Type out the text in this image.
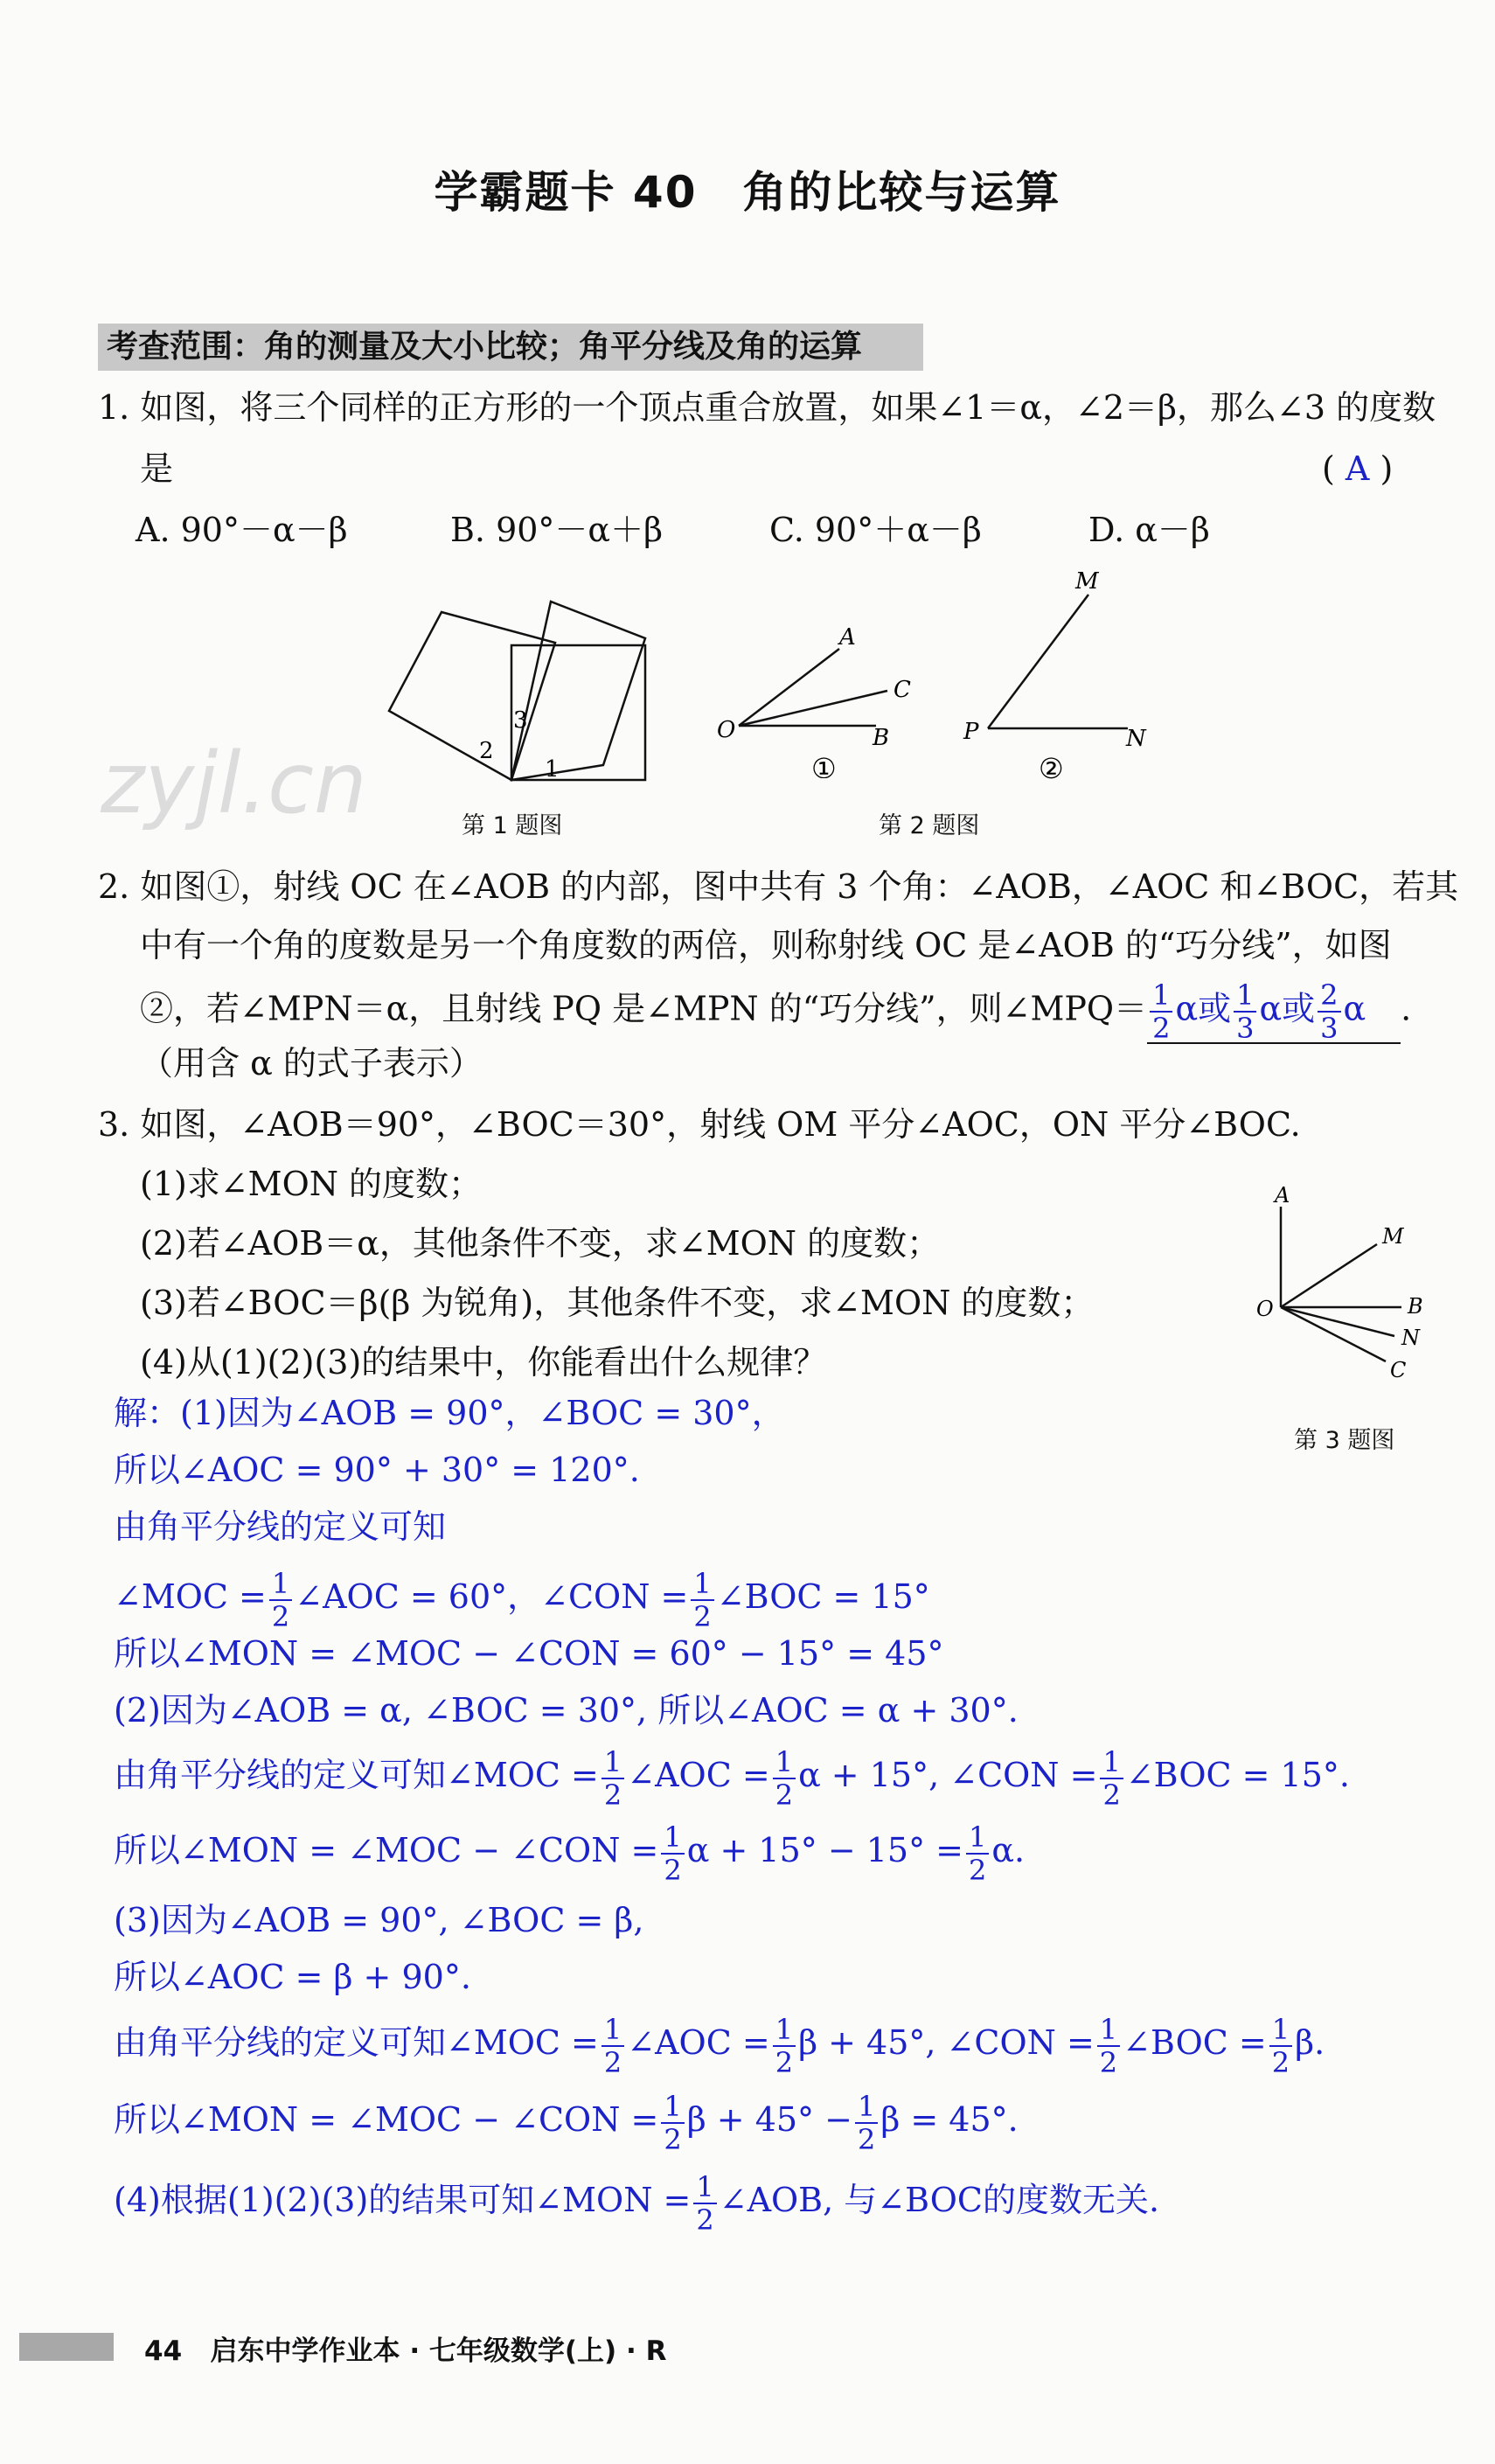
学霸题卡 40　角的比较与运算
考查范围：角的测量及大小比较；角平分线及角的运算
1. 如图，将三个同样的正方形的一个顶点重合放置，如果∠1＝α，∠2＝β，那么∠3 的度数
是	( A )
A. 90°－α－β	B. 90°－α＋β	C. 90°＋α－β	D. α－β
2
3
1
第 1 题图
A
C
O	B
①
M
P	N
②
第 2 题图
zyjl.cn
2. 如图①，射线 OC 在∠AOB 的内部，图中共有 3 个角：∠AOB，∠AOC 和∠BOC，若其
中有一个角的度数是另一个角度数的两倍，则称射线 OC 是∠AOB 的“巧分线”，如图
②，若∠MPN＝α，且射线 PQ 是∠MPN 的“巧分线”，则∠MPQ＝ $\frac{1}{2}$ α或 $\frac{1}{3}$ α或 $\frac{2}{3}$ α .
（用含 α 的式子表示）
3. 如图，∠AOB＝90°，∠BOC＝30°，射线 OM 平分∠AOC，ON 平分∠BOC.
(1)求∠MON 的度数；
(2)若∠AOB＝α，其他条件不变，求∠MON 的度数；
(3)若∠BOC＝β(β 为锐角)，其他条件不变，求∠MON 的度数；
(4)从(1)(2)(3)的结果中，你能看出什么规律？
A
M
O	B
N
C
第 3 题图
解：(1)因为∠AOB = 90°，∠BOC = 30°，
所以∠AOC = 90° + 30° = 120°.
由角平分线的定义可知
∠MOC = $\frac{1}{2}$ ∠AOC = 60°，∠CON = $\frac{1}{2}$ ∠BOC = 15°
所以∠MON = ∠MOC − ∠CON = 60° − 15° = 45°
(2)因为∠AOB = α, ∠BOC = 30°, 所以∠AOC = α + 30°.
由角平分线的定义可知∠MOC = $\frac{1}{2}$ ∠AOC = $\frac{1}{2}$ α + 15°, ∠CON = $\frac{1}{2}$ ∠BOC = 15°.
所以∠MON = ∠MOC − ∠CON = $\frac{1}{2}$ $\alpha + 15^\circ - 15^\circ = \frac{1}{2} \alpha$.
(3)因为∠AOB = 90°, ∠BOC = β,
所以∠AOC = β + 90°.
由角平分线的定义可知∠MOC = $\frac{1}{2}$ ∠AOC = $\frac{1}{2}$ β + 45°, ∠CON = $\frac{1}{2}$ ∠BOC = $\frac{1}{2} \beta$.
所以∠MON = ∠MOC − ∠CON = $\frac{1}{2}$ $\beta + 45^\circ - \frac{1}{2}$ β = 45°.
(4)根据(1)(2)(3)的结果可知∠MON = $\frac{1}{2}$ ∠AOB, 与∠BOC的度数无关.
44 启东中学作业本 · 七年级数学(上) · R
